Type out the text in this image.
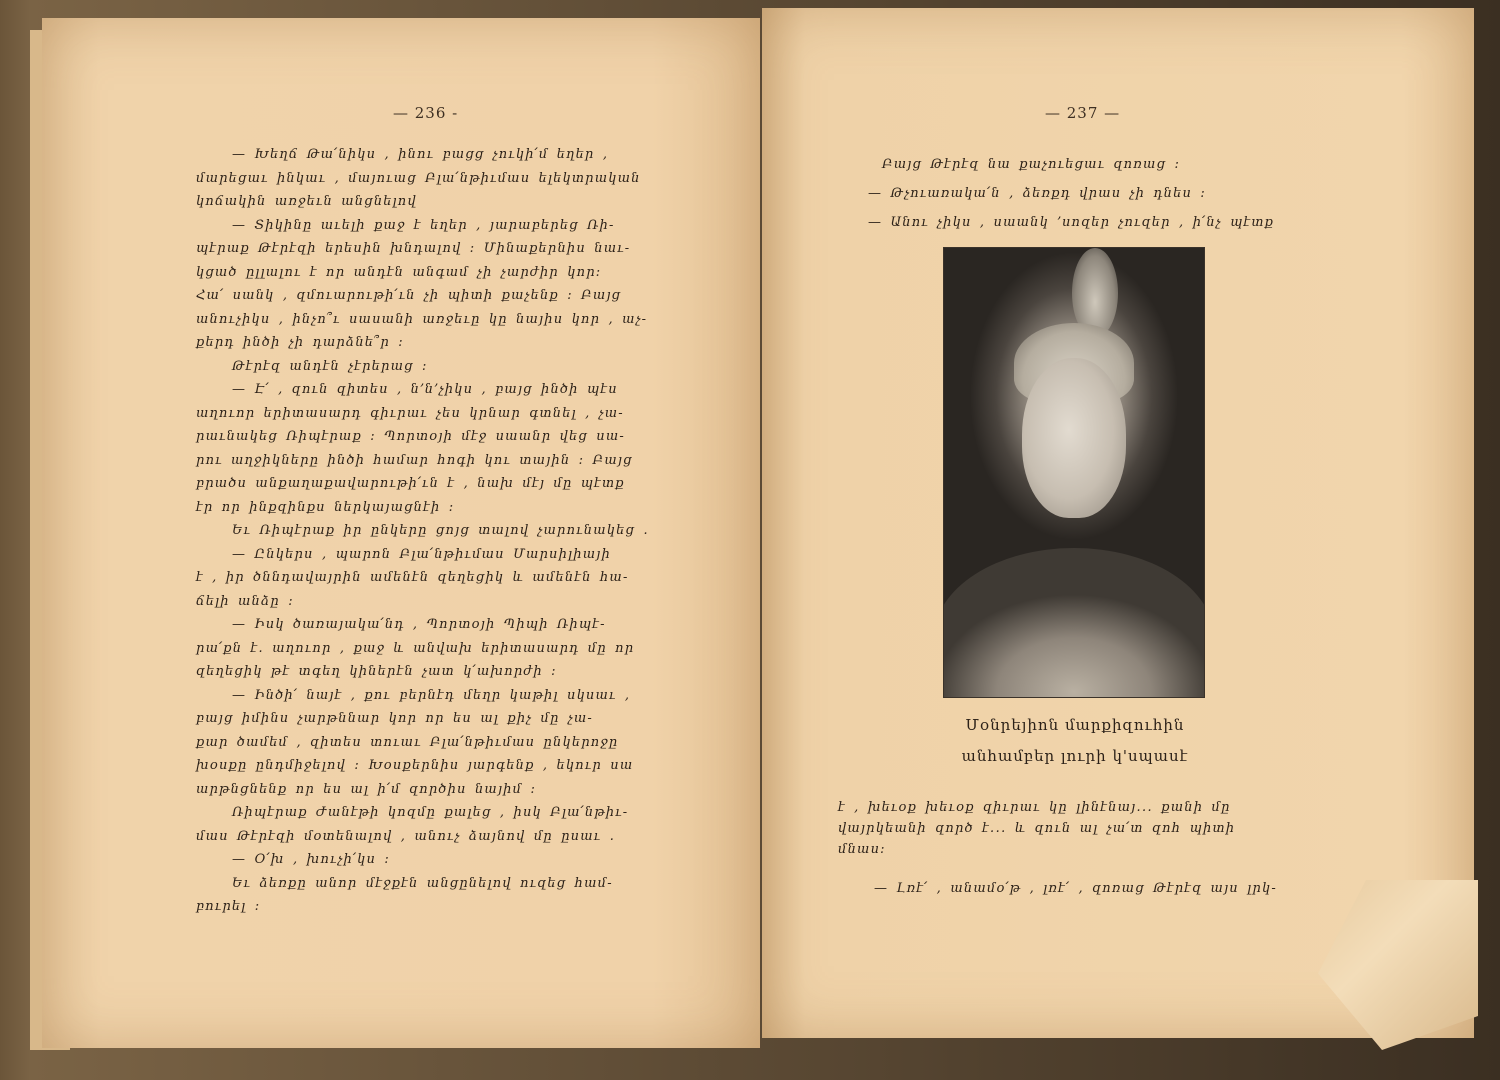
— 236 -

— Խեղճ Թա՛նիկս , ինու բացց չուկի՛մ եղեր ,

մարեցաւ ինկաւ , մայուաց Բլա՛նթիւմաս ելեկտրական

կոճակին առջեւն անցնելով

— Տիկինը աւելի քաջ է եղեր , յարաբերեց Ռի-

պէրաք Թէրէզի երեսին խնդալով ։ Մինաքերնիս նաւ-

կցած ըլլալու է որ անդէն անգամ չի չարժիր կոր։

Հա՛ սանկ , զմուարութի՛ւն չի պիտի քաչենք ։ Բայց

անուչիկս , ինչո՞ւ սասանի առջեւը կը նայիս կոր , աչ-

քերդ ինծի չի դարձնե՞ր ։

Թէրէզ անդէն չէրերաց ։

— Է՛ , զուն զիտես , ն՚ն՚չիկս , բայց ինծի պէս

աղուոր երիտասարդ գիւրաւ չես կրնար գտնել , չա-

րաւնակեց Ռիպէրաք ։ Պորտօյի մէջ սաանր վեց սա-

րու աղջիկները ինծի համար հոգի կու տային ։ Բայց

բրածս անքաղաքավարութի՛ւն է , նախ մէյ մը պէտք

էր որ ինքզինքս ներկայացնէի ։

Եւ Ռիպէրաք իր ընկերը ցոյց տալով չարունակեց ․

— Ընկերս , պարոն Բլա՛նթիւմաս Մարսիլիայի

է , իր ծննդավայրին ամենէն զեղեցիկ և ամենէն հա-

ճելի անձը ։

— Իսկ ծառայակա՛նդ , Պորտօյի Պիպի Ռիպէ-

րա՛քն է․ աղուոր , քաջ և անվախ երիտասարդ մը որ

զեղեցիկ թէ տգեղ կիներէն չատ կ՛ախորժի ։

— Ինծի՛ նայէ , քու բերնէդ մեղր կաթիլ սկսաւ ,

բայց իմինս չարթննար կոր որ ես ալ քիչ մը չա-

քար ծամեմ , զիտես տուաւ Բլա՛նթիւմաս ընկերոջը

խօսքը ընդմիջելով ։ Խօսքերնիս յարգենք , եկուր սա

արթնցնենք որ ես ալ ի՛մ զործիս նայիմ ։

Ռիպէրաք Ժանէթի կոզմը քալեց , իսկ Բլա՛նթիւ-

մաս Թէրէզի մօտենալով , անուչ ձայնով մը ըսաւ ․

— Օ՛խ , խուչի՛կս ։

Եւ ձեռքը անոր մէջքէն անցընելով ուզեց համ-

բուրել ։

— 237 —

Բայց Թէրէզ նա քաչուեցաւ զոռաց ։

— Թչուառակա՛ն , ձեռքդ վրաս չի դնես ։

— Անու չիկս , սաանկ ՚սոզեր չուզեր , ի՛նչ պէտք

Մօնրեյիոն մարքիզուհին
անհամբեր լուրի կ'սպասէ

է , խեւօք խեւօք զիւրաւ կը լինէնայ․․․ քանի մը

վայրկեանի զործ է․․․ և զուն ալ չա՛տ զոհ պիտի

մնաս։

— Լռէ՛ , անամօ՛թ , լռէ՛ , զոռաց Թէրէզ այս լրկ-
